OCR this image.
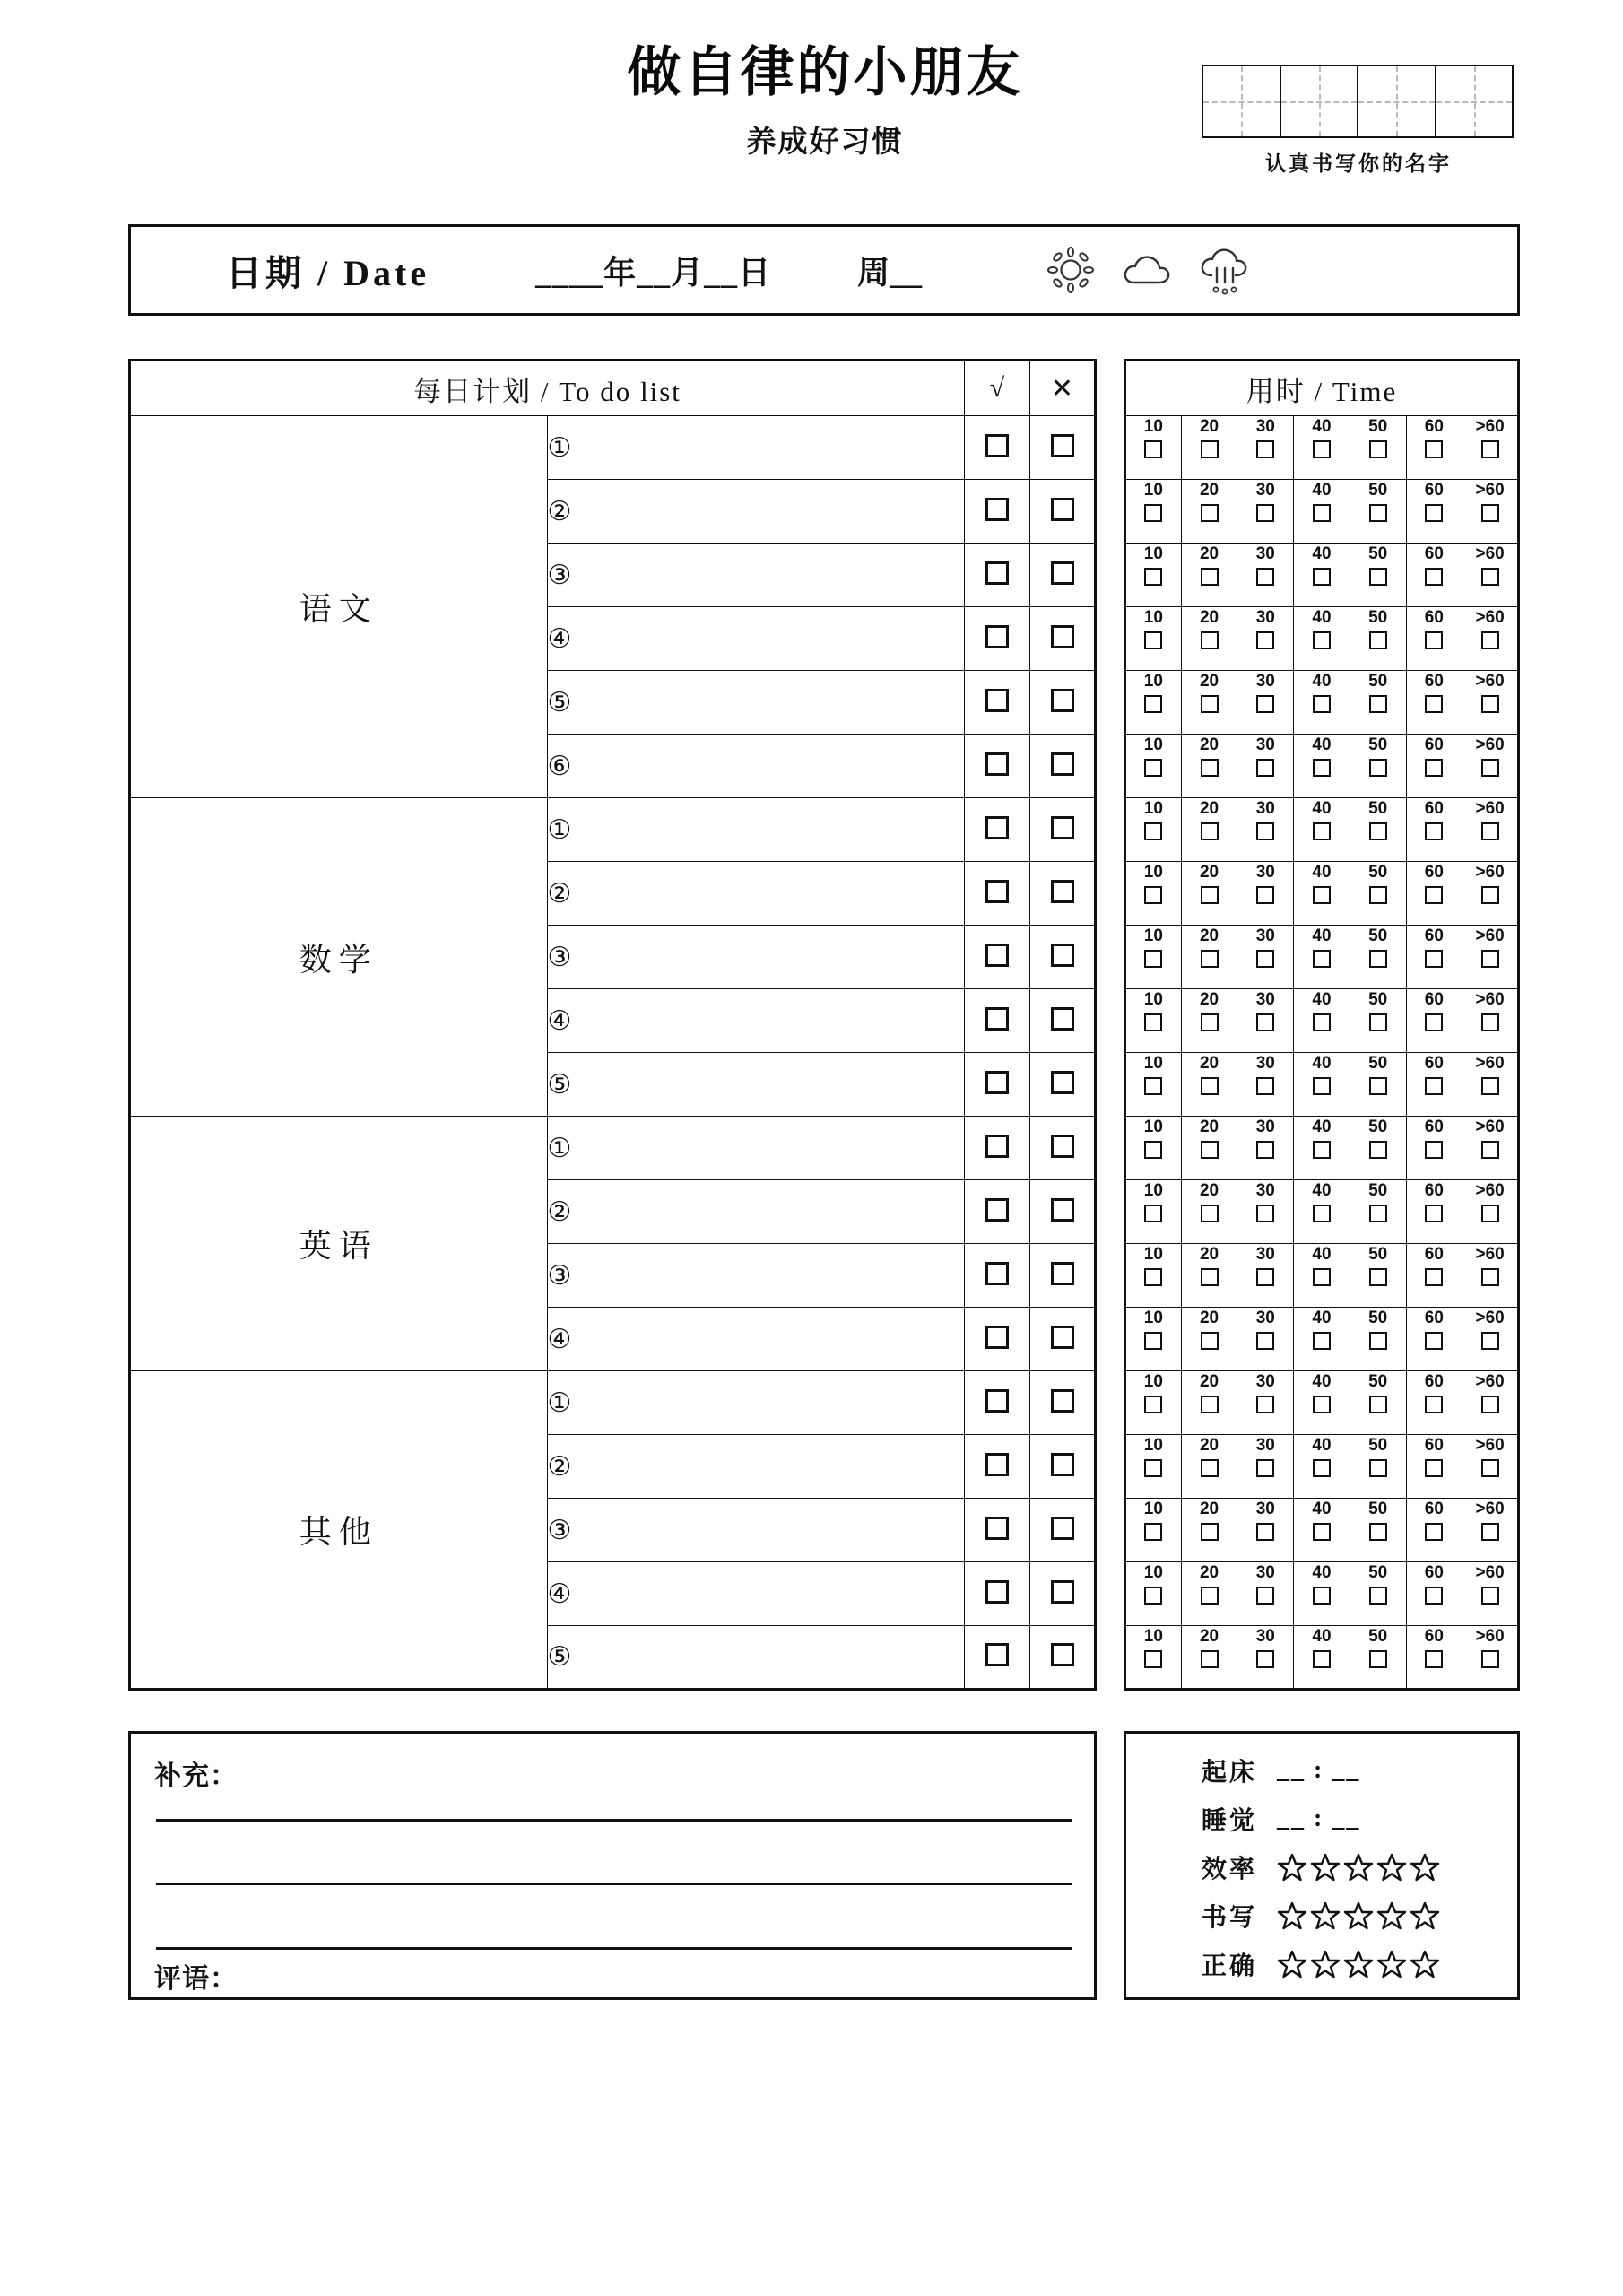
做自律的小朋友
养成好习惯
认真书写你的名字
日期 / Date	____年__月__日	周__
每日计划 / To do list		√	✕
语文	①		
	②		
	③		
	④		
	⑤		
	⑥		
数学	①		
	②		
	③		
	④		
	⑤		
英语	①		
	②		
	③		
	④		
其他	①		
	②		
	③		
	④		
	⑤		
用时 / Time						

10	20	30	40	50	60	>60

10	20	30	40	50	60	>60

10	20	30	40	50	60	>60

10	20	30	40	50	60	>60

10	20	30	40	50	60	>60

10	20	30	40	50	60	>60

10	20	30	40	50	60	>60

10	20	30	40	50	60	>60

10	20	30	40	50	60	>60

10	20	30	40	50	60	>60

10	20	30	40	50	60	>60

10	20	30	40	50	60	>60

10	20	30	40	50	60	>60

10	20	30	40	50	60	>60

10	20	30	40	50	60	>60

10	20	30	40	50	60	>60

10	20	30	40	50	60	>60

10	20	30	40	50	60	>60

10	20	30	40	50	60	>60

10	20	30	40	50	60	>60
补充：
评语：
起床 __ : __
睡觉 __ : __
效率
书写
正确
